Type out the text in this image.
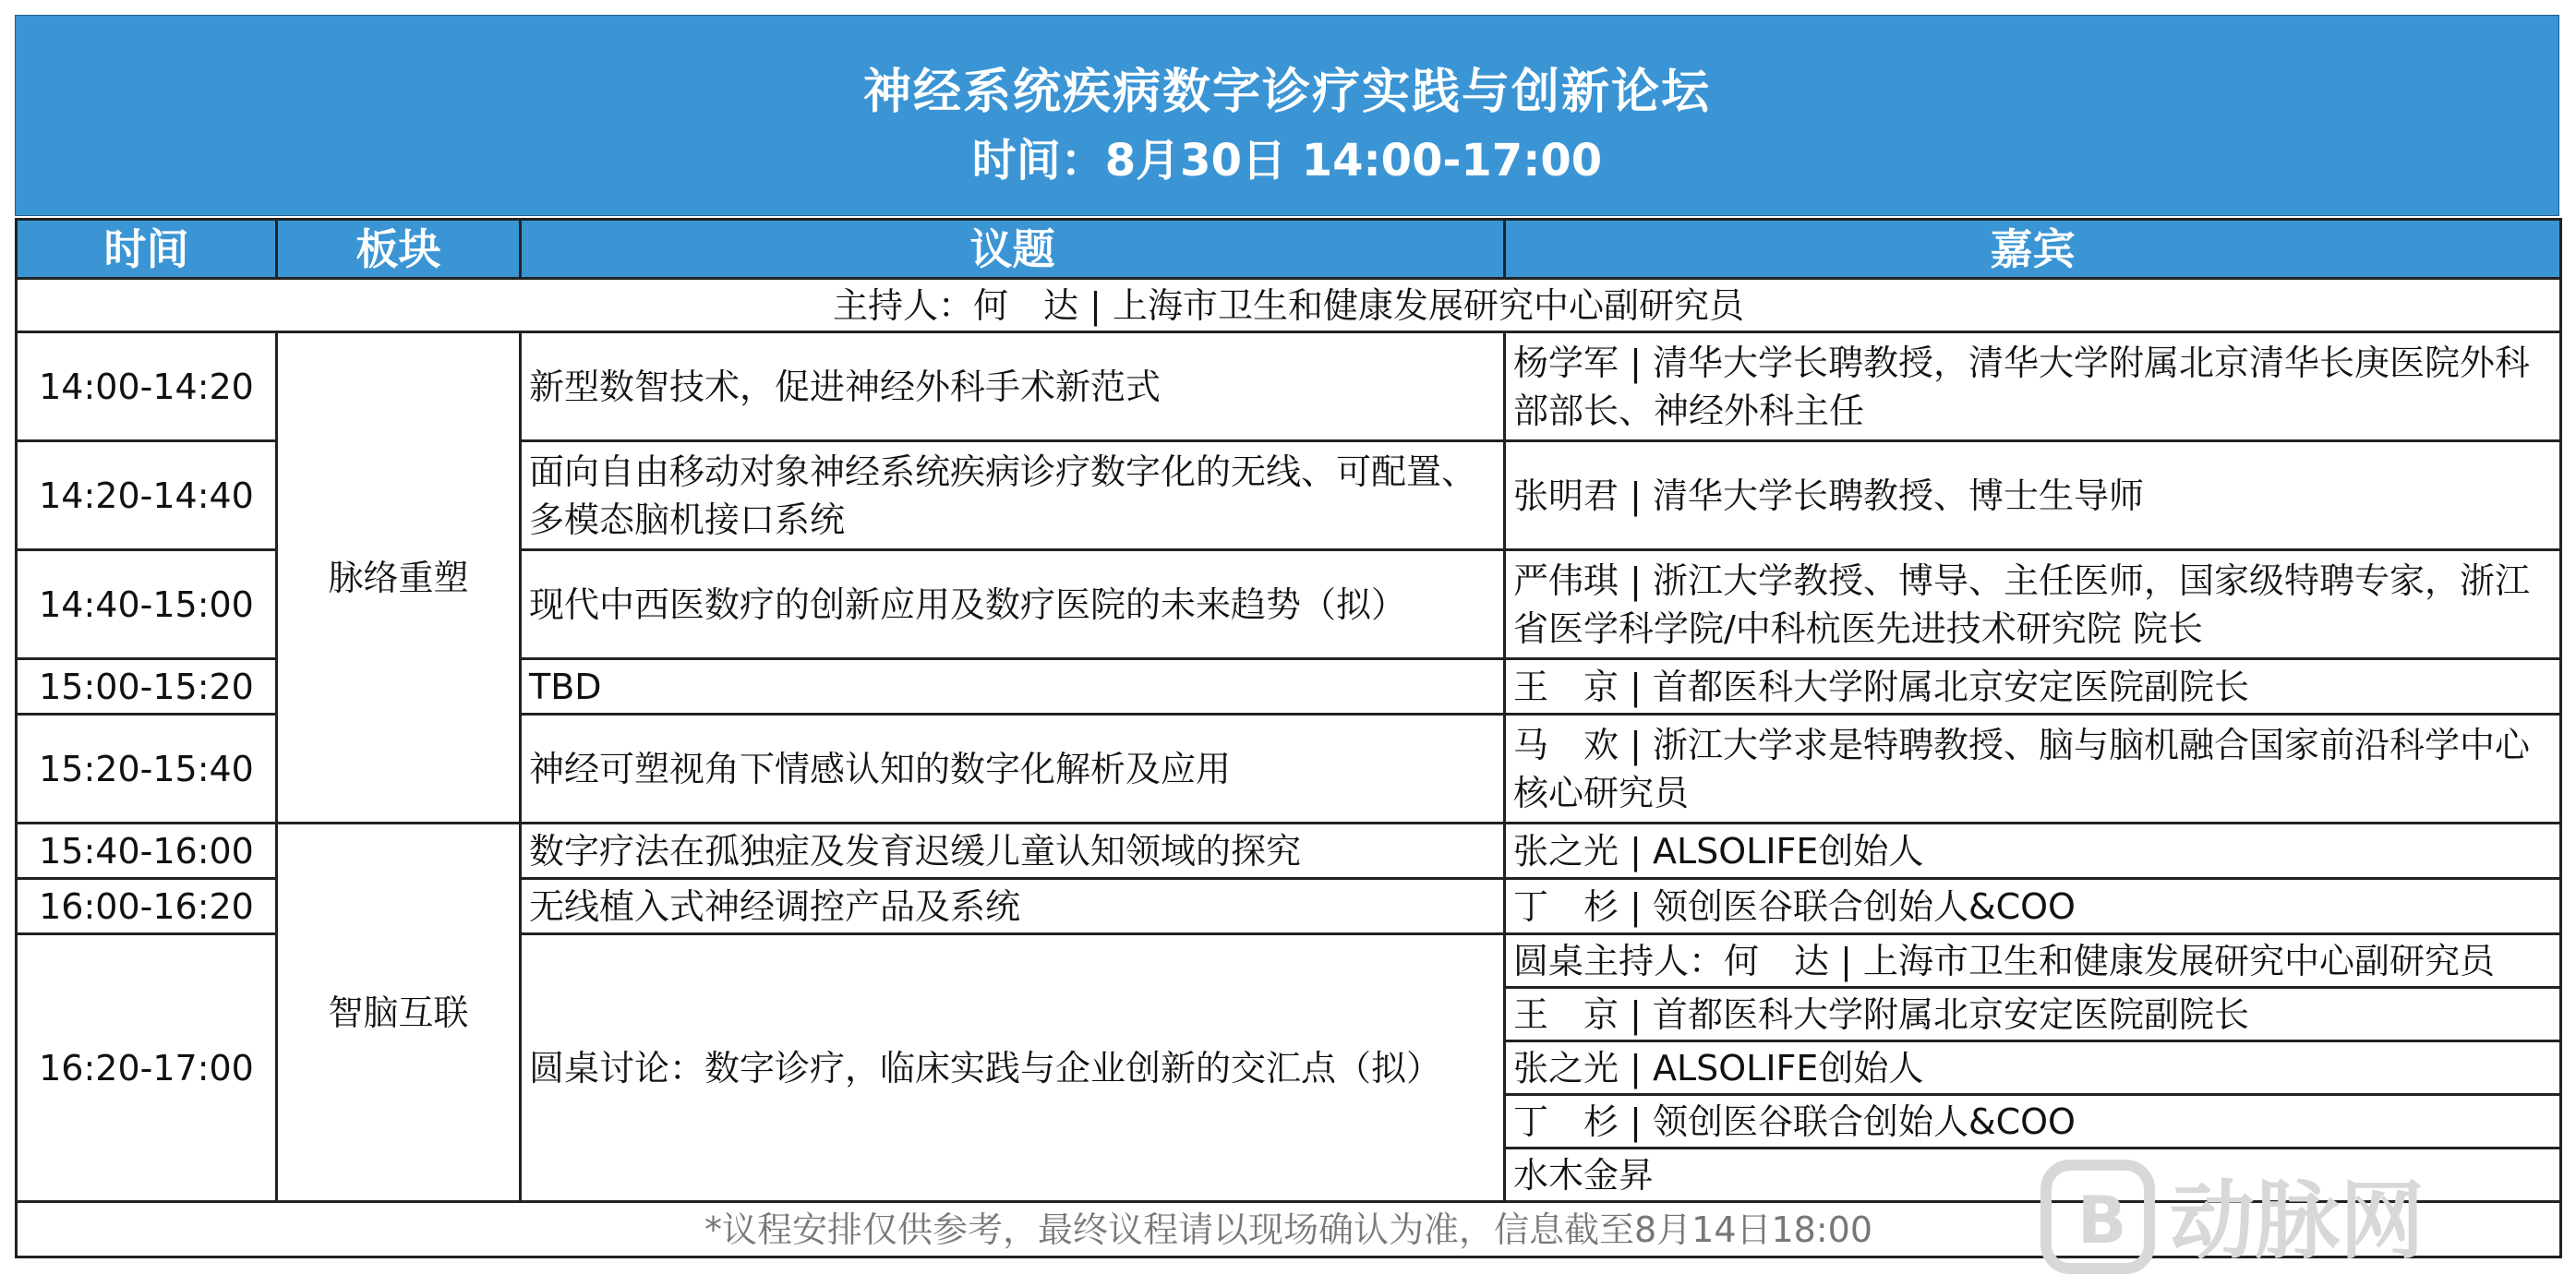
神经系统疾病数字诊疗实践与创新论坛
时间：8月30日 14:00-17:00
时间	板块	议题	嘉宾
主持人：何　达 | 上海市卫生和健康发展研究中心副研究员			
14:00-14:20	脉络重塑	新型数智技术，促进神经外科手术新范式	杨学军 | 清华大学长聘教授，清华大学附属北京清华长庚医院外科部部长、神经外科主任
14:20-14:40		面向自由移动对象神经系统疾病诊疗数字化的无线、可配置、多模态脑机接口系统	张明君 | 清华大学长聘教授、博士生导师
14:40-15:00		现代中西医数疗的创新应用及数疗医院的未来趋势（拟）	严伟琪 | 浙江大学教授、博导、主任医师，国家级特聘专家，浙江省医学科学院/中科杭医先进技术研究院 院长
15:00-15:20		TBD	王　京 | 首都医科大学附属北京安定医院副院长
15:20-15:40		神经可塑视角下情感认知的数字化解析及应用	马　欢 | 浙江大学求是特聘教授、脑与脑机融合国家前沿科学中心核心研究员
15:40-16:00	智脑互联	数字疗法在孤独症及发育迟缓儿童认知领域的探究	张之光 | ALSOLIFE创始人
16:00-16:20		无线植入式神经调控产品及系统	丁　杉 | 领创医谷联合创始人&COO
16:20-17:00		圆桌讨论：数字诊疗，临床实践与企业创新的交汇点（拟）	圆桌主持人：何　达 | 上海市卫生和健康发展研究中心副研究员
			王　京 | 首都医科大学附属北京安定医院副院长
			张之光 | ALSOLIFE创始人
			丁　杉 | 领创医谷联合创始人&COO
			水木金昇
*议程安排仅供参考，最终议程请以现场确认为准，信息截至8月14日18:00				B 动脉网
